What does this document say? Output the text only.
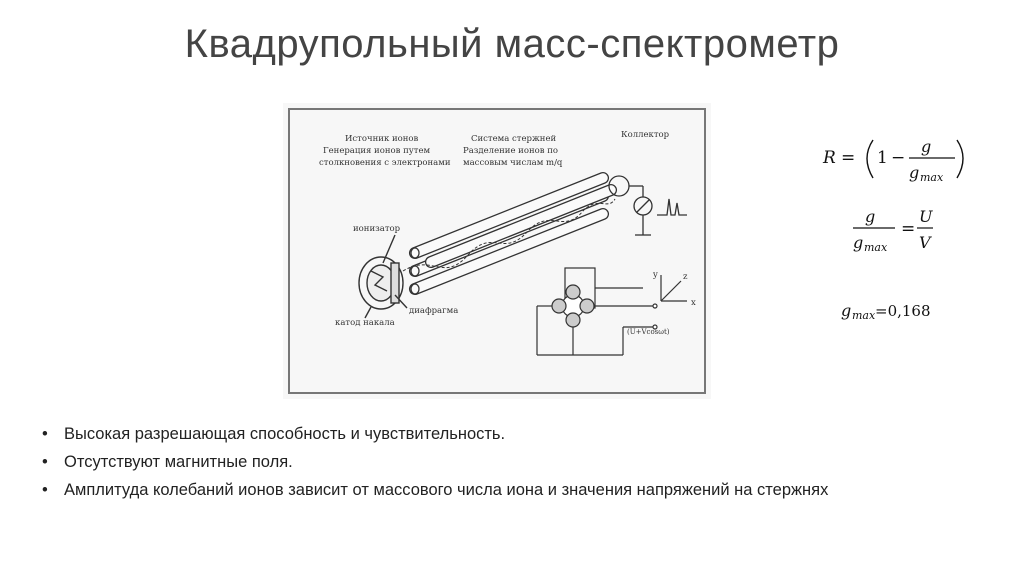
Квадрупольный масс-спектрометр
Источник ионов
Генерация ионов путем
столкновения с электронами
Система стержней
Разделение ионов по
массовым числам m/q
Коллектор
ионизатор
диафрагма
катод накала
(U+Vcosωt)
y	z
x
R = 1 −
g
g max
g
g max
=
U
V
g max =0,168
• Высокая разрешающая способность и чувствительность.
• Отсутствуют магнитные поля.
• Амплитуда колебаний ионов зависит от массового числа иона и значения напряжений на стержнях
